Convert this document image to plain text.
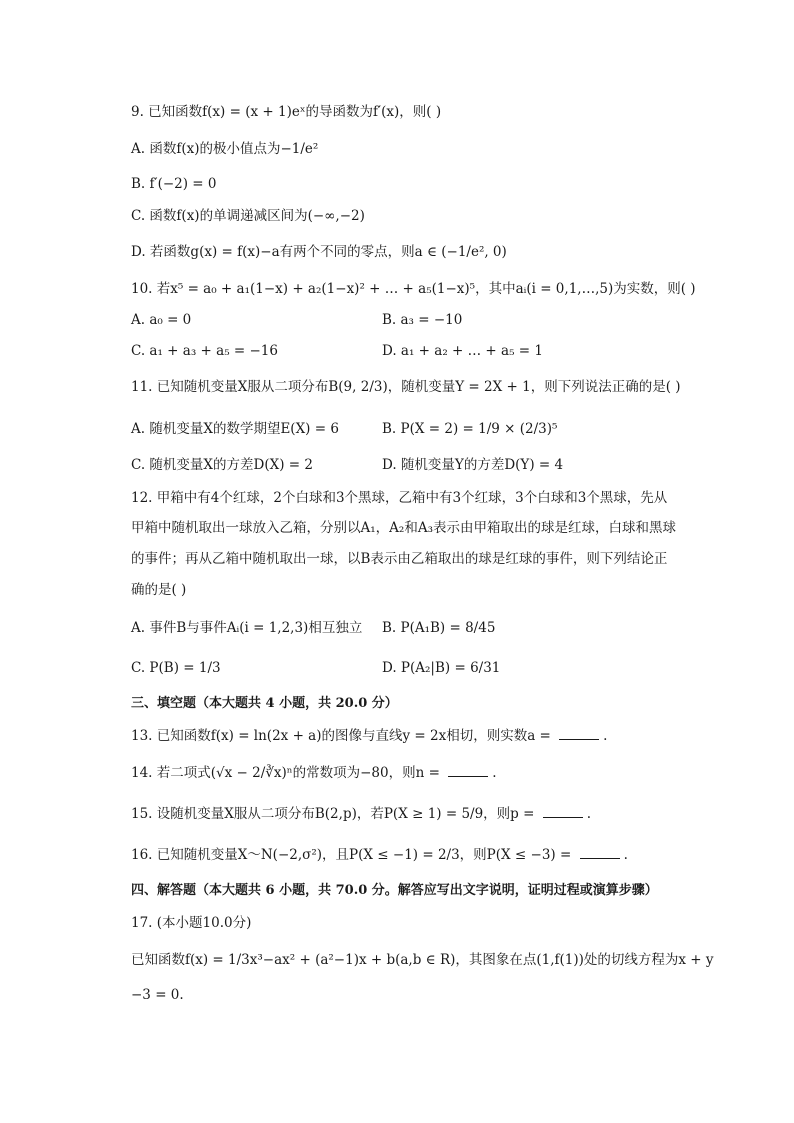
9. 已知函数f(x) = (x + 1)eˣ的导函数为f′(x)，则( )
A. 函数f(x)的极小值点为−1/e²
B. f′(−2) = 0
C. 函数f(x)的单调递减区间为(−∞,−2)
D. 若函数g(x) = f(x)−a有两个不同的零点，则a ∈ (−1/e², 0)
10. 若x⁵ = a₀ + a₁(1−x) + a₂(1−x)² + … + a₅(1−x)⁵，其中aᵢ(i = 0,1,…,5)为实数，则( )
A. a₀ = 0	B. a₃ = −10
C. a₁ + a₃ + a₅ = −16	D. a₁ + a₂ + … + a₅ = 1
11. 已知随机变量X服从二项分布B(9, 2/3)，随机变量Y = 2X + 1，则下列说法正确的是( )
A. 随机变量X的数学期望E(X) = 6	B. P(X = 2) = 1/9 × (2/3)⁵
C. 随机变量X的方差D(X) = 2	D. 随机变量Y的方差D(Y) = 4
12. 甲箱中有4个红球，2个白球和3个黑球，乙箱中有3个红球，3个白球和3个黑球，先从
甲箱中随机取出一球放入乙箱，分别以A₁，A₂和A₃表示由甲箱取出的球是红球，白球和黑球
的事件；再从乙箱中随机取出一球，以B表示由乙箱取出的球是红球的事件，则下列结论正
确的是( )
A. 事件B与事件Aᵢ(i = 1,2,3)相互独立 B. P(A₁B) = 8/45
C. P(B) = 1/3	D. P(A₂|B) = 6/31
三、填空题（本大题共 4 小题，共 20.0 分）
13. 已知函数f(x) = ln(2x + a)的图像与直线y = 2x相切，则实数a =	.
14. 若二项式(√x − 2/∛x)ⁿ的常数项为−80，则n =	.
15. 设随机变量X服从二项分布B(2,p)，若P(X ≥ 1) = 5/9，则p =	.
16. 已知随机变量X～N(−2,σ²)，且P(X ≤ −1) = 2/3，则P(X ≤ −3) =	.
四、解答题（本大题共 6 小题，共 70.0 分。解答应写出文字说明，证明过程或演算步骤）
17. (本小题10.0分)
已知函数f(x) = 1/3x³−ax² + (a²−1)x + b(a,b ∈ R)，其图象在点(1,f(1))处的切线方程为x + y
−3 = 0.
